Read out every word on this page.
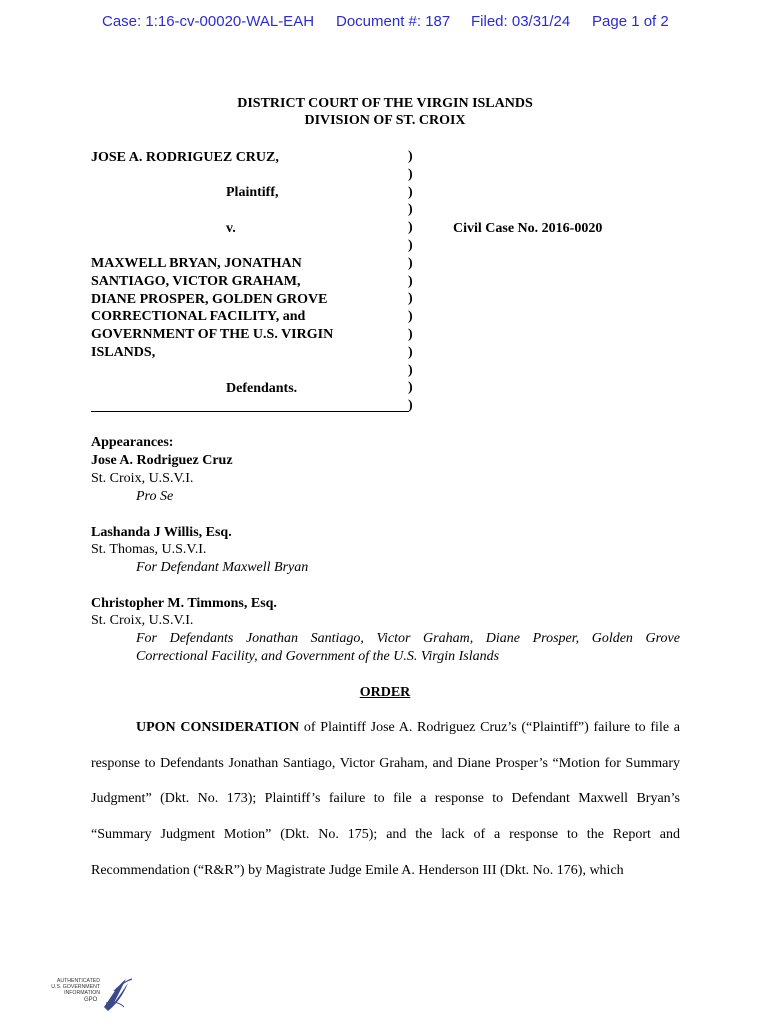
Case: 1:16-cv-00020-WAL-EAH Document #: 187 Filed: 03/31/24 Page 1 of 2
DISTRICT COURT OF THE VIRGIN ISLANDS
DIVISION OF ST. CROIX
JOSE A. RODRIGUEZ CRUZ,
Plaintiff,
v.
MAXWELL BRYAN, JONATHAN
SANTIAGO, VICTOR GRAHAM,
DIANE PROSPER, GOLDEN GROVE
CORRECTIONAL FACILITY, and
GOVERNMENT OF THE U.S. VIRGIN
ISLANDS,
Defendants.
)
)
)
)
)
)
)
)
)
)
)
)
)
)
)
Civil Case No. 2016-0020
Appearances:
Jose A. Rodriguez Cruz
St. Croix, U.S.V.I.
Pro Se
Lashanda J Willis, Esq.
St. Thomas, U.S.V.I.
For Defendant Maxwell Bryan
Christopher M. Timmons, Esq.
St. Croix, U.S.V.I.
For Defendants Jonathan Santiago, Victor Graham, Diane Prosper, Golden Grove
Correctional Facility, and Government of the U.S. Virgin Islands
ORDER
UPON CONSIDERATION of Plaintiff Jose A. Rodriguez Cruz’s (“Plaintiff”) failure to file a response to Defendants Jonathan Santiago, Victor Graham, and Diane Prosper’s “Motion for Summary Judgment” (Dkt. No. 173); Plaintiff’s failure to file a response to Defendant Maxwell Bryan’s “Summary Judgment Motion” (Dkt. No. 175); and the lack of a response to the Report and Recommendation (“R&R”) by Magistrate Judge Emile A. Henderson III (Dkt. No. 176), which
AUTHENTICATED
U.S. GOVERNMENT
INFORMATION
GPO
